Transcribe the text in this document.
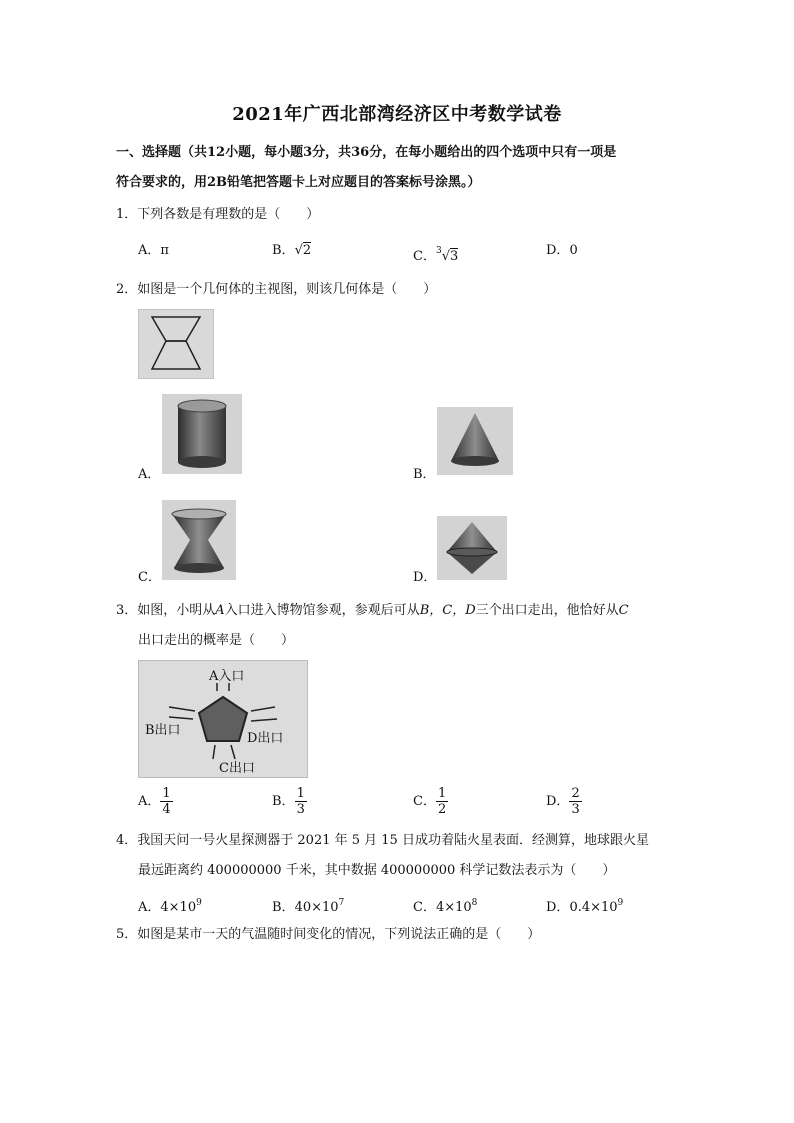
2021年广西北部湾经济区中考数学试卷
一、选择题（共12小题，每小题3分，共36分，在每小题给出的四个选项中只有一项是
符合要求的，用2B铅笔把答题卡上对应题目的答案标号涂黑。）
1．下列各数是有理数的是（　　）
A．π	B．√2	C．$^3$√3	D．0
2．如图是一个几何体的主视图，则该几何体是（　　）
A．	B．
C．	D．
3．如图，小明从A入口进入博物馆参观，参观后可从B，C，D三个出口走出，他恰好从C
出口走出的概率是（　　）
A入口
B出口
D出口
C出口
A． $\frac{1}{4}$	B． $\frac{1}{3}$	C． $\frac{1}{2}$	D． $\frac{2}{3}$
4．我国天问一号火星探测器于 2021 年 5 月 15 日成功着陆火星表面．经测算，地球跟火星
最远距离约 400000000 千米，其中数据 400000000 科学记数法表示为（　　）
A．$4\times 10^9$	B．$40\times 10^7$	C．$4\times 10^8$	D．$0.4\times 10^9$
5．如图是某市一天的气温随时间变化的情况，下列说法正确的是（　　）
